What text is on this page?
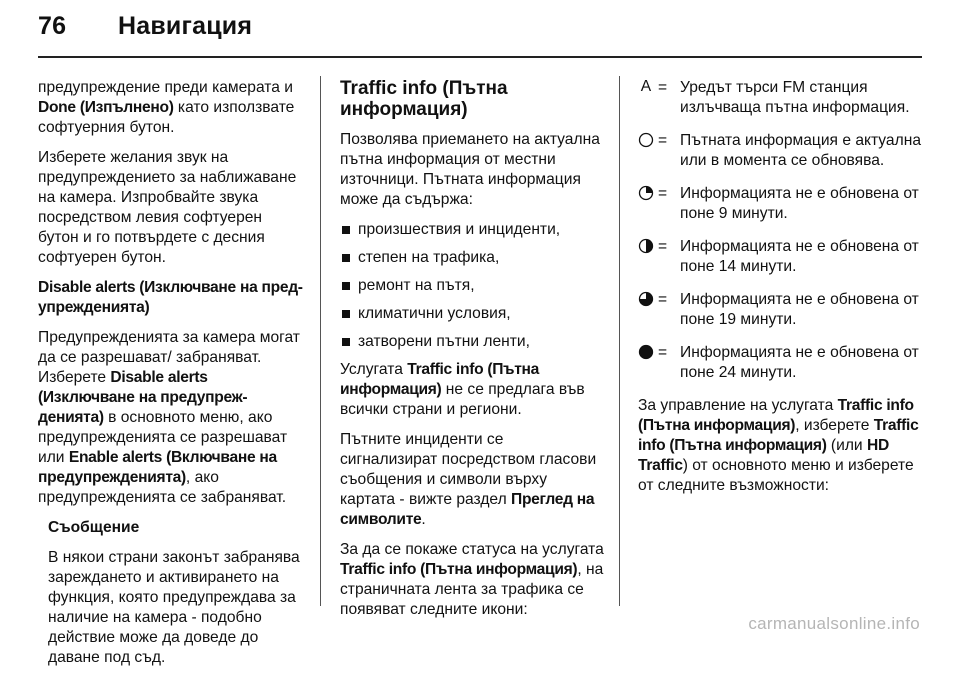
76 Навигация

предупреждение преди камерата и Done (Изпълнено) като използвате софтуерния бутон.

Изберете желания звук на предупреждението за наближаване на камера. Изпробвайте звука посредством левия софтуерен бутон и го потвърдете с десния софтуерен бутон.

Disable alerts (Изключване на предупрежденията)

Предупрежденията за камера могат да се разрешават/ забраняват. Изберете Disable alerts (Изключване на предупрежденията) в основното меню, ако предупрежденията се разрешават или Enable alerts (Включване на предупрежденията), ако предупрежденията се забраняват.

Съобщение

В някои страни законът забранява зареждането и активирането на функция, която предупреждава за наличие на камера - подобно действие може да доведе до даване под съд.

Traffic info (Пътна информация)

Позволява приемането на актуална пътна информация от местни източници. Пътната информация може да съдържа:

произшествия и инциденти,
степен на трафика,
ремонт на пътя,
климатични условия,
затворени пътни ленти,

Услугата Traffic info (Пътна информация) не се предлага във всички страни и региони.

Пътните инциденти се сигнализират посредством гласови съобщения и символи върху картата - вижте раздел Преглед на символите.

За да се покаже статуса на услугата Traffic info (Пътна информация), на страничната лента за трафика се появяват следните икони:

A = Уредът търси FM станция излъчваща пътна информация.
= Пътната информация е актуална или в момента се обновява.
= Информацията не е обновена от поне 9 минути.
= Информацията не е обновена от поне 14 минути.
= Информацията не е обновена от поне 19 минути.
= Информацията не е обновена от поне 24 минути.

За управление на услугата Traffic info (Пътна информация), изберете Traffic info (Пътна информация) (или HD Traffic) от основното меню и изберете от следните възможности:

carmanualsonline.info
